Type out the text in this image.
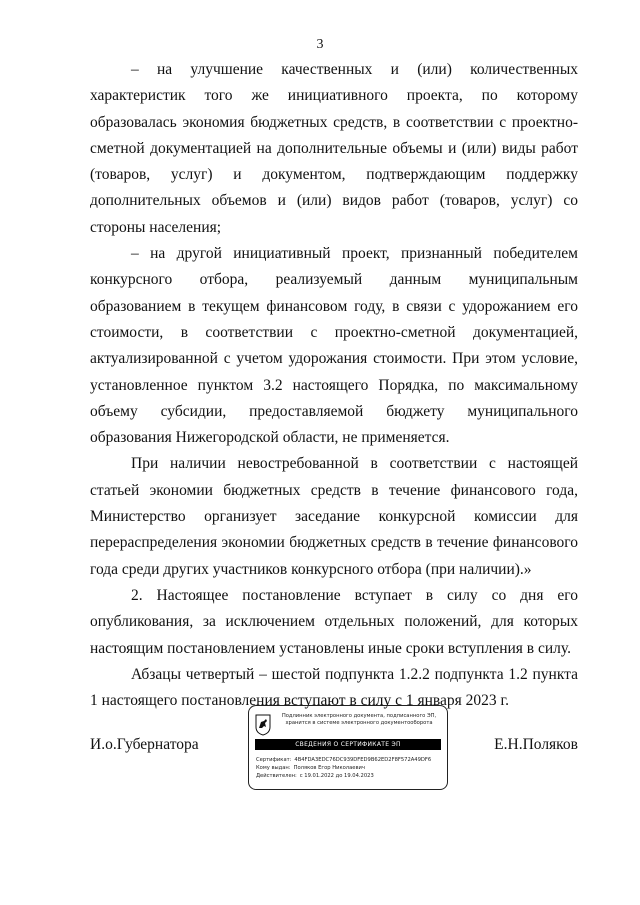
3

– на улучшение качественных и (или) количественных характеристик того же инициативного проекта, по которому образовалась экономия бюджетных средств, в соответствии с проектно-сметной документацией на дополнительные объемы и (или) виды работ (товаров, услуг) и документом, подтверждающим поддержку дополнительных объемов и (или) видов работ (товаров, услуг) со стороны населения;

– на другой инициативный проект, признанный победителем конкурсного отбора, реализуемый данным муниципальным образованием в текущем финансовом году, в связи с удорожанием его стоимости, в соответствии с проектно-сметной документацией, актуализированной с учетом удорожания стоимости. При этом условие, установленное пунктом 3.2 настоящего Порядка, по максимальному объему субсидии, предоставляемой бюджету муниципального образования Нижегородской области, не применяется.

При наличии невостребованной в соответствии с настоящей статьей экономии бюджетных средств в течение финансового года, Министерство организует заседание конкурсной комиссии для перераспределения экономии бюджетных средств в течение финансового года среди других участников конкурсного отбора (при наличии).»

2. Настоящее постановление вступает в силу со дня его опубликования, за исключением отдельных положений, для которых настоящим постановлением установлены иные сроки вступления в силу.

Абзацы четвертый – шестой подпункта 1.2.2 подпункта 1.2 пункта 1 настоящего постановления вступают в силу с 1 января 2023 г.

И.о.Губернатора	Е.Н.Поляков
Подлинник электронного документа, подписанного ЭП,
хранится в системе электронного документооборота
СВЕДЕНИЯ О СЕРТИФИКАТЕ ЭП
Сертификат: 4B4FDA3EDC76DC939DFED9B62ED2F8F572A49DF6
Кому выдан: Поляков Егор Николаевич
Действителен: с 19.01.2022 до 19.04.2023
